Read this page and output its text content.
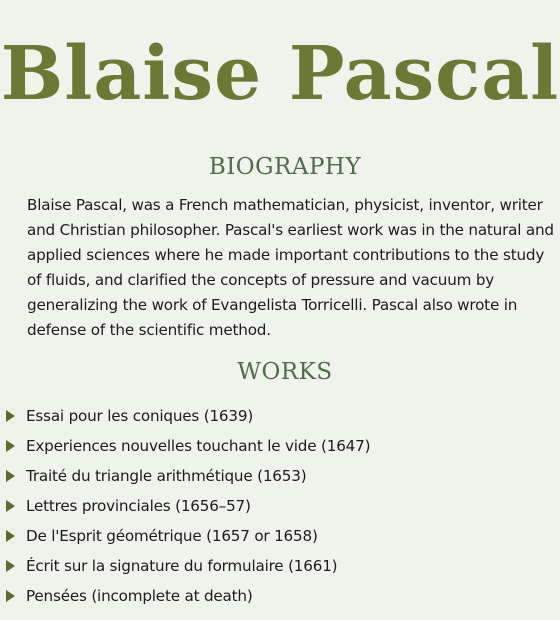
Blaise Pascal
BIOGRAPHY

Blaise Pascal, was a French mathematician, physicist, inventor, writer and Christian philosopher. Pascal's earliest work was in the natural and applied sciences where he made important contributions to the study of fluids, and clarified the concepts of pressure and vacuum by generalizing the work of Evangelista Torricelli. Pascal also wrote in defense of the scientific method.

WORKS
Essai pour les coniques (1639)
Experiences nouvelles touchant le vide (1647)
Traité du triangle arithmétique (1653)
Lettres provinciales (1656–57)
De l'Esprit géométrique (1657 or 1658)
Écrit sur la signature du formulaire (1661)
Pensées (incomplete at death)
